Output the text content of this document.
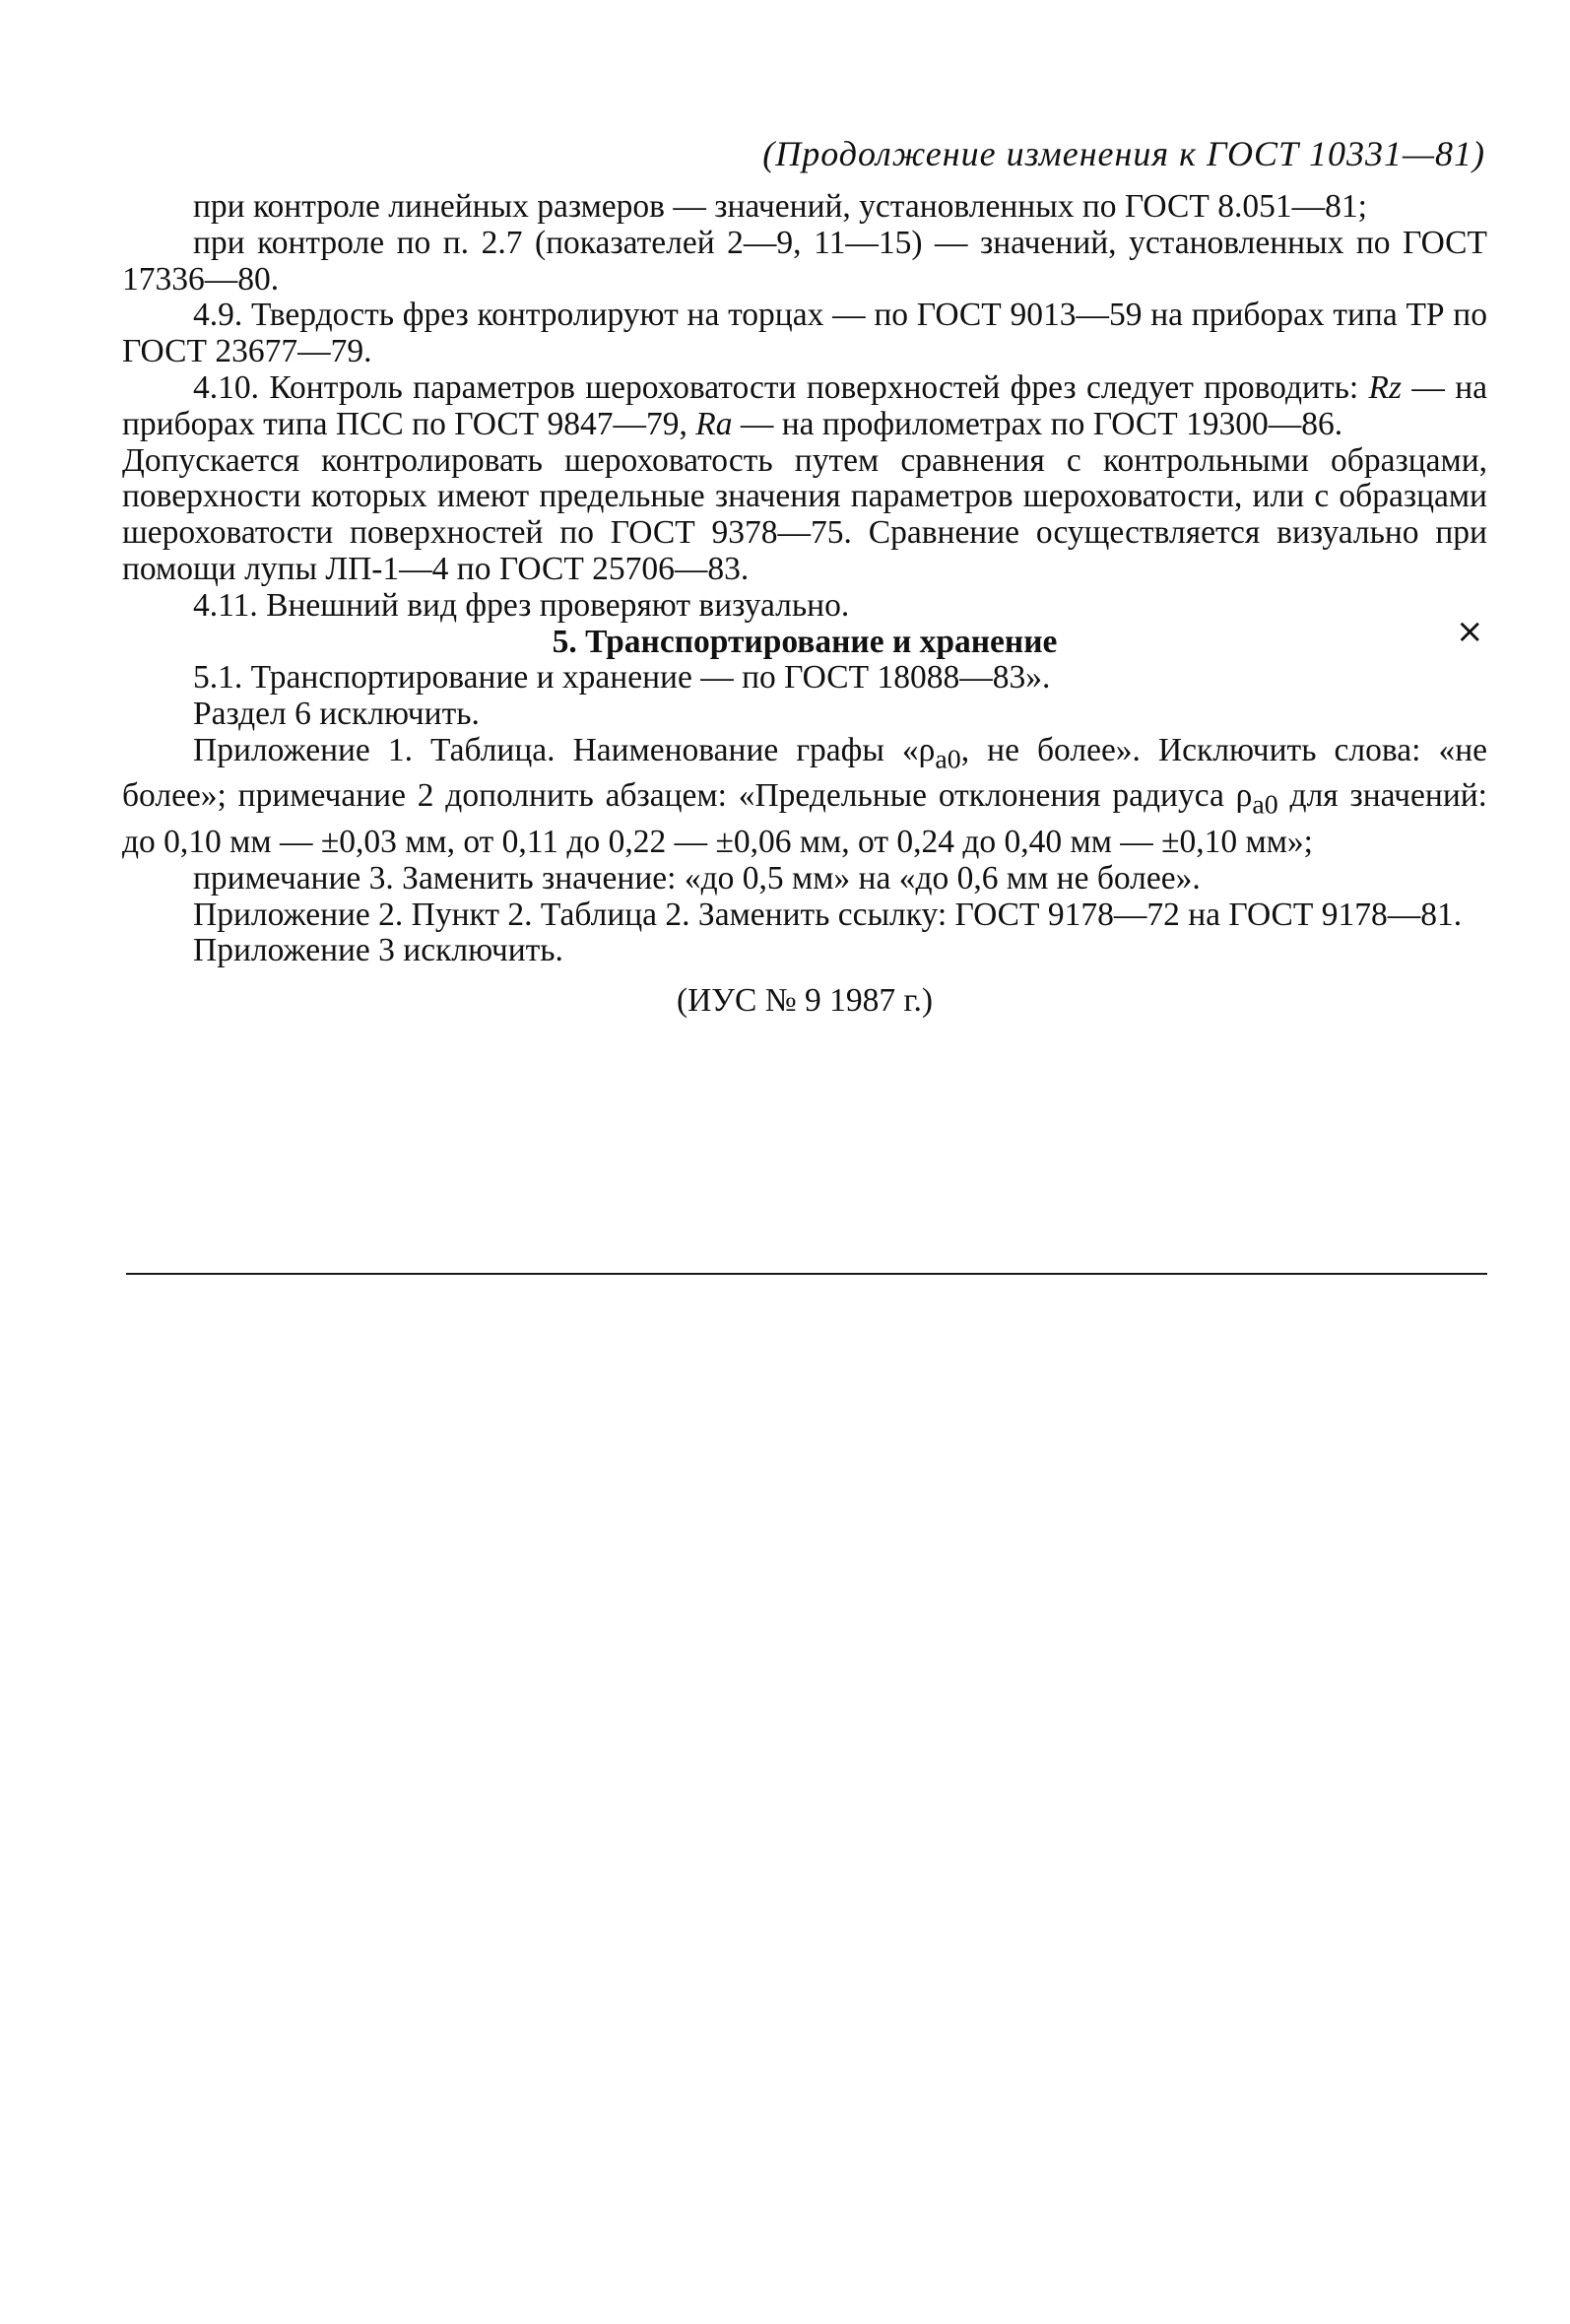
(Продолжение изменения к ГОСТ 10331—81)

при контроле линейных размеров — значений, установленных по ГОСТ 8.051—81;

при контроле по п. 2.7 (показателей 2—9, 11—15) — значений, установленных по ГОСТ 17336—80.

4.9. Твердость фрез контролируют на торцах — по ГОСТ 9013—59 на приборах типа ТР по ГОСТ 23677—79.

4.10. Контроль параметров шероховатости поверхностей фрез следует проводить: Rz — на приборах типа ПСС по ГОСТ 9847—79, Ra — на профилометрах по ГОСТ 19300—86.

Допускается контролировать шероховатость путем сравнения с контрольными образцами, поверхности которых имеют предельные значения параметров шероховатости, или с образцами шероховатости поверхностей по ГОСТ 9378—75. Сравнение осуществляется визуально при помощи лупы ЛП-1—4 по ГОСТ 25706—83.

4.11. Внешний вид фрез проверяют визуально.

5. Транспортирование и хранение

5.1. Транспортирование и хранение — по ГОСТ 18088—83».

Раздел 6 исключить.

Приложение 1. Таблица. Наименование графы «$\rho_{a0}$, не более». Исключить слова: «не более»; примечание 2 дополнить абзацем: «Предельные отклонения радиуса $\rho_{a0}$ для значений: до 0,10 мм — ±0,03 мм, от 0,11 до 0,22 — ±0,06 мм, от 0,24 до 0,40 мм — ±0,10 мм»;

примечание 3. Заменить значение: «до 0,5 мм» на «до 0,6 мм не более».

Приложение 2. Пункт 2. Таблица 2. Заменить ссылку: ГОСТ 9178—72 на ГОСТ 9178—81.

Приложение 3 исключить.

(ИУС № 9 1987 г.)

×
